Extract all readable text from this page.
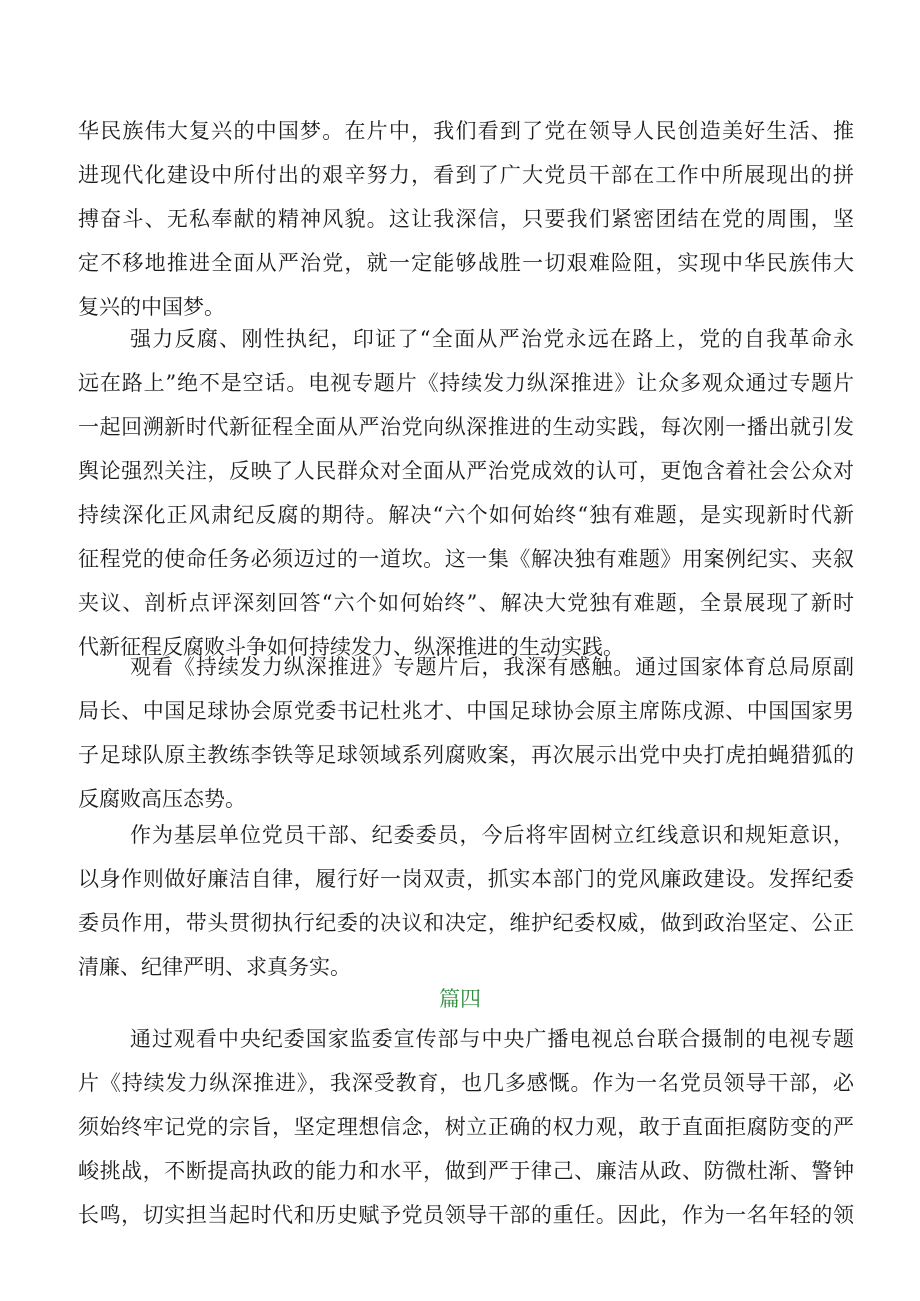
华民族伟大复兴的中国梦。在片中，我们看到了党在领导人民创造美好生活、推
进现代化建设中所付出的艰辛努力，看到了广大党员干部在工作中所展现出的拼
搏奋斗、无私奉献的精神风貌。这让我深信，只要我们紧密团结在党的周围，坚
定不移地推进全面从严治党，就一定能够战胜一切艰难险阻，实现中华民族伟大
复兴的中国梦。
强力反腐、刚性执纪，印证了“全面从严治党永远在路上，党的自我革命永
远在路上”绝不是空话。电视专题片《持续发力纵深推进》让众多观众通过专题片
一起回溯新时代新征程全面从严治党向纵深推进的生动实践，每次刚一播出就引发
舆论强烈关注，反映了人民群众对全面从严治党成效的认可，更饱含着社会公众对
持续深化正风肃纪反腐的期待。解决“六个如何始终“独有难题，是实现新时代新
征程党的使命任务必须迈过的一道坎。这一集《解决独有难题》用案例纪实、夹叙
夹议、剖析点评深刻回答“六个如何始终”、解决大党独有难题，全景展现了新时
代新征程反腐败斗争如何持续发力、纵深推进的生动实践。
观看《持续发力纵深推进》专题片后，我深有感触。通过国家体育总局原副
局长、中国足球协会原党委书记杜兆才、中国足球协会原主席陈戌源、中国国家男
子足球队原主教练李铁等足球领域系列腐败案，再次展示出党中央打虎拍蝇猎狐的
反腐败高压态势。
作为基层单位党员干部、纪委委员，今后将牢固树立红线意识和规矩意识，
以身作则做好廉洁自律，履行好一岗双责，抓实本部门的党风廉政建设。发挥纪委
委员作用，带头贯彻执行纪委的决议和决定，维护纪委权威，做到政治坚定、公正
清廉、纪律严明、求真务实。
篇四
通过观看中央纪委国家监委宣传部与中央广播电视总台联合摄制的电视专题
片《持续发力纵深推进》，我深受教育，也几多感慨。作为一名党员领导干部，必
须始终牢记党的宗旨，坚定理想信念，树立正确的权力观，敢于直面拒腐防变的严
峻挑战，不断提高执政的能力和水平，做到严于律己、廉洁从政、防微杜渐、警钟
长鸣，切实担当起时代和历史赋予党员领导干部的重任。因此，作为一名年轻的领
